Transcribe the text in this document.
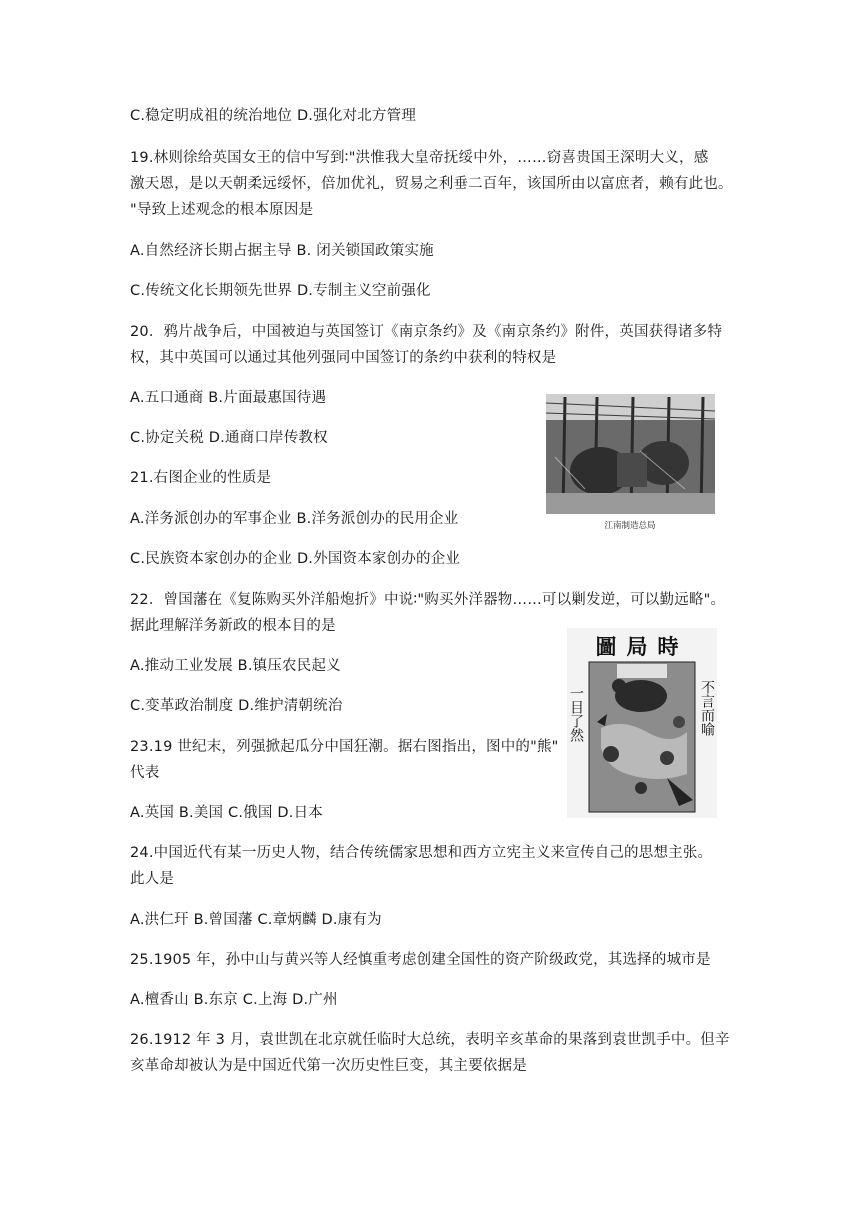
C.稳定明成祖的统治地位 D.强化对北方管理
19.林则徐给英国女王的信中写到∶"洪惟我大皇帝抚绥中外，……窃喜贵国王深明大义，感
激天恩，是以天朝柔远绥怀，倍加优礼，贸易之利垂二百年，该国所由以富庶者，赖有此也。
"导致上述观念的根本原因是
A.自然经济长期占据主导 B. 闭关锁国政策实施
C.传统文化长期领先世界 D.专制主义空前强化
20．鸦片战争后，中国被迫与英国签订《南京条约》及《南京条约》附件，英国获得诸多特
权，其中英国可以通过其他列强同中国签订的条约中获利的特权是
A.五口通商 B.片面最惠国待遇
C.协定关税 D.通商口岸传教权
21.右图企业的性质是
A.洋务派创办的军事企业 B.洋务派创办的民用企业
C.民族资本家创办的企业 D.外国资本家创办的企业
22．曾国藩在《复陈购买外洋船炮折》中说∶"购买外洋器物……可以剿发逆，可以勤远略"。
据此理解洋务新政的根本目的是
A.推动工业发展 B.镇压农民起义
C.变革政治制度 D.维护清朝统治
23.19 世纪末，列强掀起瓜分中国狂潮。据右图指出，图中的"熊"
代表
A.英国 B.美国 C.俄国 D.日本
24.中国近代有某一历史人物，结合传统儒家思想和西方立宪主义来宣传自己的思想主张。
此人是
A.洪仁玕 B.曾国藩 C.章炳麟 D.康有为
25.1905 年，孙中山与黄兴等人经慎重考虑创建全国性的资产阶级政党，其选择的城市是
A.檀香山 B.东京 C.上海 D.广州
26.1912 年 3 月，袁世凯在北京就任临时大总统，表明辛亥革命的果落到袁世凯手中。但辛
亥革命却被认为是中国近代第一次历史性巨变，其主要依据是
江南制造总局
圖局時
一目了然	不言而喻
